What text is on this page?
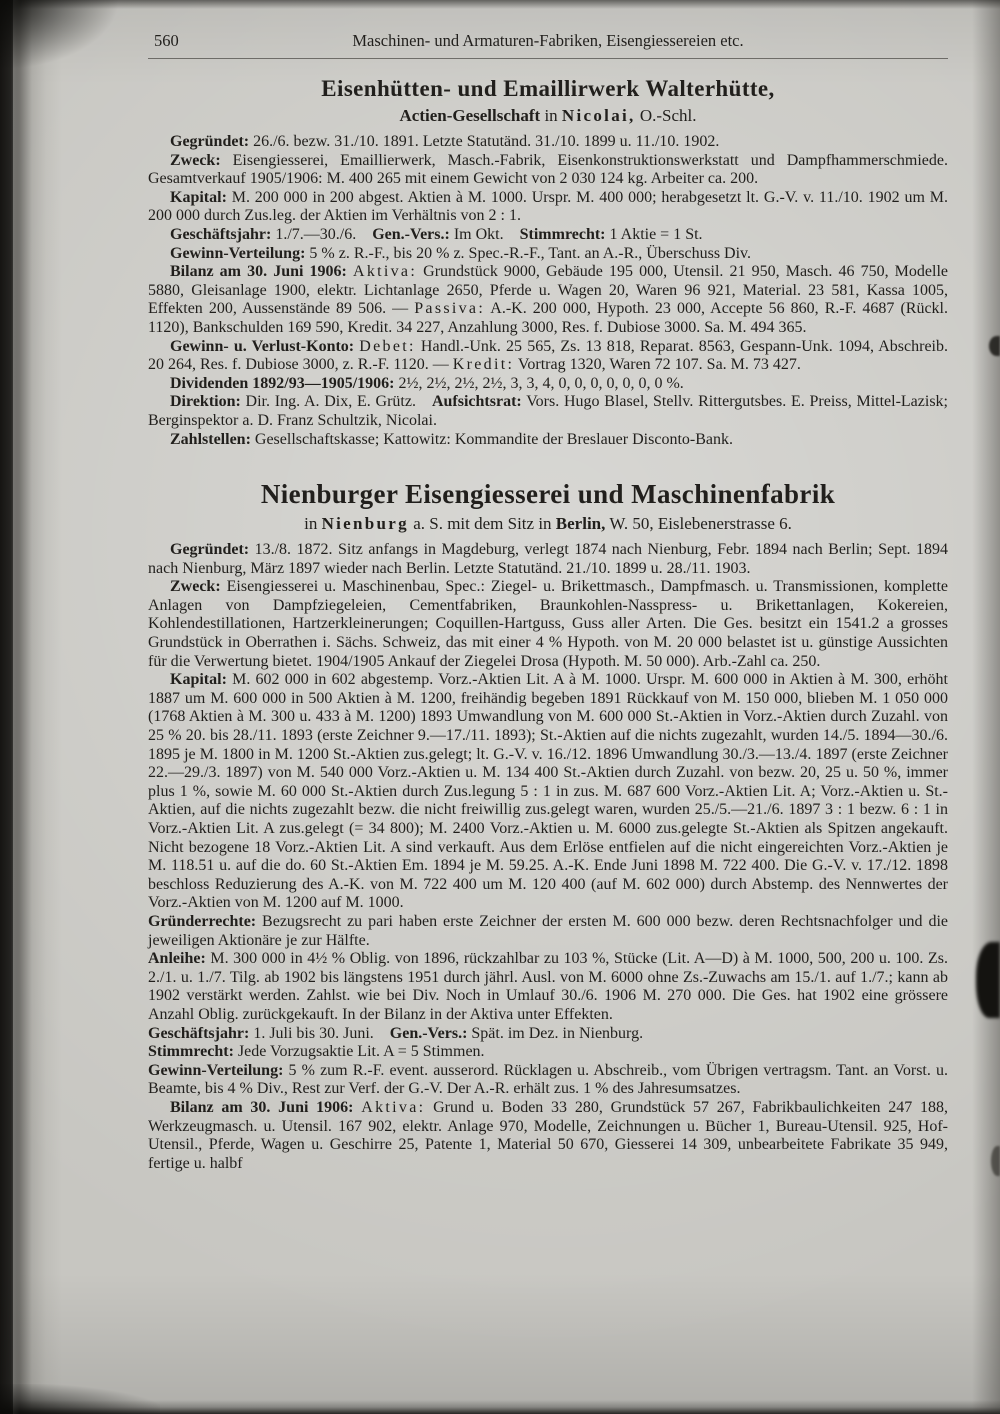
560	Maschinen- und Armaturen-Fabriken, Eisengiessereien etc.
Eisenhütten- und Emaillirwerk Walterhütte,
Actien-Gesellschaft in Nicolai, O.-Schl.

Gegründet: 26./6. bezw. 31./10. 1891. Letzte Statutänd. 31./10. 1899 u. 11./10. 1902.

Zweck: Eisengiesserei, Emaillierwerk, Masch.-Fabrik, Eisenkonstruktionswerkstatt und Dampfhammerschmiede. Gesamtverkauf 1905/1906: M. 400 265 mit einem Gewicht von 2 030 124 kg. Arbeiter ca. 200.

Kapital: M. 200 000 in 200 abgest. Aktien à M. 1000. Urspr. M. 400 000; herabgesetzt lt. G.-V. v. 11./10. 1902 um M. 200 000 durch Zus.leg. der Aktien im Verhältnis von 2 : 1.

Geschäftsjahr: 1./7.—30./6. Gen.-Vers.: Im Okt. Stimmrecht: 1 Aktie = 1 St.

Gewinn-Verteilung: 5 % z. R.-F., bis 20 % z. Spec.-R.-F., Tant. an A.-R., Überschuss Div.

Bilanz am 30. Juni 1906: Aktiva: Grundstück 9000, Gebäude 195 000, Utensil. 21 950, Masch. 46 750, Modelle 5880, Gleisanlage 1900, elektr. Lichtanlage 2650, Pferde u. Wagen 20, Waren 96 921, Material. 23 581, Kassa 1005, Effekten 200, Aussenstände 89 506. — Passiva: A.-K. 200 000, Hypoth. 23 000, Accepte 56 860, R.-F. 4687 (Rückl. 1120), Bankschulden 169 590, Kredit. 34 227, Anzahlung 3000, Res. f. Dubiose 3000. Sa. M. 494 365.

Gewinn- u. Verlust-Konto: Debet: Handl.-Unk. 25 565, Zs. 13 818, Reparat. 8563, Gespann-Unk. 1094, Abschreib. 20 264, Res. f. Dubiose 3000, z. R.-F. 1120. — Kredit: Vortrag 1320, Waren 72 107. Sa. M. 73 427.

Dividenden 1892/93—1905/1906: 2½, 2½, 2½, 2½, 3, 3, 4, 0, 0, 0, 0, 0, 0, 0 %.

Direktion: Dir. Ing. A. Dix, E. Grütz. Aufsichtsrat: Vors. Hugo Blasel, Stellv. Rittergutsbes. E. Preiss, Mittel-Lazisk; Berginspektor a. D. Franz Schultzik, Nicolai.

Zahlstellen: Gesellschaftskasse; Kattowitz: Kommandite der Breslauer Disconto-Bank.

Nienburger Eisengiesserei und Maschinenfabrik
in Nienburg a. S. mit dem Sitz in Berlin, W. 50, Eislebenerstrasse 6.

Gegründet: 13./8. 1872. Sitz anfangs in Magdeburg, verlegt 1874 nach Nienburg, Febr. 1894 nach Berlin; Sept. 1894 nach Nienburg, März 1897 wieder nach Berlin. Letzte Statutänd. 21./10. 1899 u. 28./11. 1903.

Zweck: Eisengiesserei u. Maschinenbau, Spec.: Ziegel- u. Brikettmasch., Dampfmasch. u. Transmissionen, komplette Anlagen von Dampfziegeleien, Cementfabriken, Braunkohlen-Nasspress- u. Brikettanlagen, Kokereien, Kohlendestillationen, Hartzerkleinerungen; Coquillen-Hartguss, Guss aller Arten. Die Ges. besitzt ein 1541.2 a grosses Grundstück in Oberrathen i. Sächs. Schweiz, das mit einer 4 % Hypoth. von M. 20 000 belastet ist u. günstige Aussichten für die Verwertung bietet. 1904/1905 Ankauf der Ziegelei Drosa (Hypoth. M. 50 000). Arb.-Zahl ca. 250.

Kapital: M. 602 000 in 602 abgestemp. Vorz.-Aktien Lit. A à M. 1000. Urspr. M. 600 000 in Aktien à M. 300, erhöht 1887 um M. 600 000 in 500 Aktien à M. 1200, freihändig begeben 1891 Rückkauf von M. 150 000, blieben M. 1 050 000 (1768 Aktien à M. 300 u. 433 à M. 1200) 1893 Umwandlung von M. 600 000 St.-Aktien in Vorz.-Aktien durch Zuzahl. von 25 % 20. bis 28./11. 1893 (erste Zeichner 9.—17./11. 1893); St.-Aktien auf die nichts zugezahlt, wurden 14./5. 1894—30./6. 1895 je M. 1800 in M. 1200 St.-Aktien zus.gelegt; lt. G.-V. v. 16./12. 1896 Umwandlung 30./3.—13./4. 1897 (erste Zeichner 22.—29./3. 1897) von M. 540 000 Vorz.-Aktien u. M. 134 400 St.-Aktien durch Zuzahl. von bezw. 20, 25 u. 50 %, immer plus 1 %, sowie M. 60 000 St.-Aktien durch Zus.legung 5 : 1 in zus. M. 687 600 Vorz.-Aktien Lit. A; Vorz.-Aktien u. St.-Aktien, auf die nichts zugezahlt bezw. die nicht freiwillig zus.gelegt waren, wurden 25./5.—21./6. 1897 3 : 1 bezw. 6 : 1 in Vorz.-Aktien Lit. A zus.gelegt (= 34 800); M. 2400 Vorz.-Aktien u. M. 6000 zus.gelegte St.-Aktien als Spitzen angekauft. Nicht bezogene 18 Vorz.-Aktien Lit. A sind verkauft. Aus dem Erlöse entfielen auf die nicht eingereichten Vorz.-Aktien je M. 118.51 u. auf die do. 60 St.-Aktien Em. 1894 je M. 59.25. A.-K. Ende Juni 1898 M. 722 400. Die G.-V. v. 17./12. 1898 beschloss Reduzierung des A.-K. von M. 722 400 um M. 120 400 (auf M. 602 000) durch Abstemp. des Nennwertes der Vorz.-Aktien von M. 1200 auf M. 1000.

Gründerrechte: Bezugsrecht zu pari haben erste Zeichner der ersten M. 600 000 bezw. deren Rechtsnachfolger und die jeweiligen Aktionäre je zur Hälfte.

Anleihe: M. 300 000 in 4½ % Oblig. von 1896, rückzahlbar zu 103 %, Stücke (Lit. A—D) à M. 1000, 500, 200 u. 100. Zs. 2./1. u. 1./7. Tilg. ab 1902 bis längstens 1951 durch jährl. Ausl. von M. 6000 ohne Zs.-Zuwachs am 15./1. auf 1./7.; kann ab 1902 verstärkt werden. Zahlst. wie bei Div. Noch in Umlauf 30./6. 1906 M. 270 000. Die Ges. hat 1902 eine grössere Anzahl Oblig. zurückgekauft. In der Bilanz in der Aktiva unter Effekten.

Geschäftsjahr: 1. Juli bis 30. Juni. Gen.-Vers.: Spät. im Dez. in Nienburg.

Stimmrecht: Jede Vorzugsaktie Lit. A = 5 Stimmen.

Gewinn-Verteilung: 5 % zum R.-F. event. ausserord. Rücklagen u. Abschreib., vom Übrigen vertragsm. Tant. an Vorst. u. Beamte, bis 4 % Div., Rest zur Verf. der G.-V. Der A.-R. erhält zus. 1 % des Jahresumsatzes.

Bilanz am 30. Juni 1906: Aktiva: Grund u. Boden 33 280, Grundstück 57 267, Fabrikbaulichkeiten 247 188, Werkzeugmasch. u. Utensil. 167 902, elektr. Anlage 970, Modelle, Zeichnungen u. Bücher 1, Bureau-Utensil. 925, Hof-Utensil., Pferde, Wagen u. Geschirre 25, Patente 1, Material 50 670, Giesserei 14 309, unbearbeitete Fabrikate 35 949, fertige u. halbf
